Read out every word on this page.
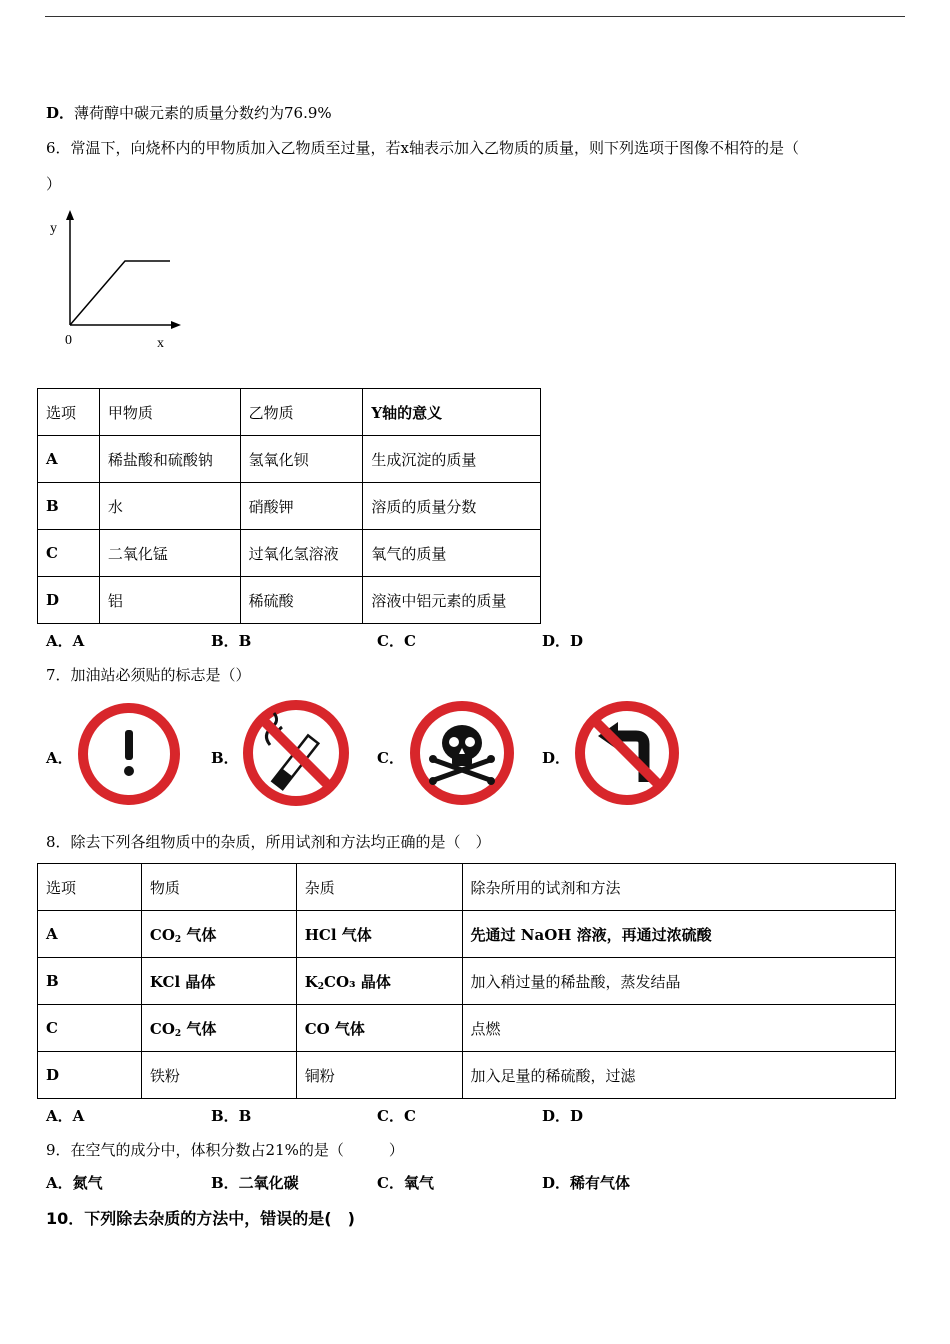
D．薄荷醇中碳元素的质量分数约为76.9%
6．常温下，向烧杯内的甲物质加入乙物质至过量，若x轴表示加入乙物质的质量，则下列选项于图像不相符的是（
）
y
x
0
选项	甲物质	乙物质	Y轴的意义
A	稀盐酸和硫酸钠	氢氧化钡	生成沉淀的质量
B	水	硝酸钾	溶质的质量分数
C	二氧化锰	过氧化氢溶液	氧气的质量
D	铝	稀硫酸	溶液中铝元素的质量
A．A	B．B	C．C	D．D
7．加油站必须贴的标志是（）
A．	B．	C．	D．
8．除去下列各组物质中的杂质，所用试剂和方法均正确的是（　）
选项	物质	杂质	除杂所用的试剂和方法
A	$CO_2$ 气体	HCl 气体	先通过 NaOH 溶液，再通过浓硫酸
B	KCl 晶体	$K_2CO_3$ 晶体	加入稍过量的稀盐酸，蒸发结晶
C	$CO_2$ 气体	CO 气体	点燃
D	铁粉	铜粉	加入足量的稀硫酸，过滤
A．A	B．B	C．C	D．D
9．在空气的成分中，体积分数占21%的是（　　　）
A．氮气	B．二氧化碳	C．氧气	D．稀有气体
10．下列除去杂质的方法中，错误的是(　)
